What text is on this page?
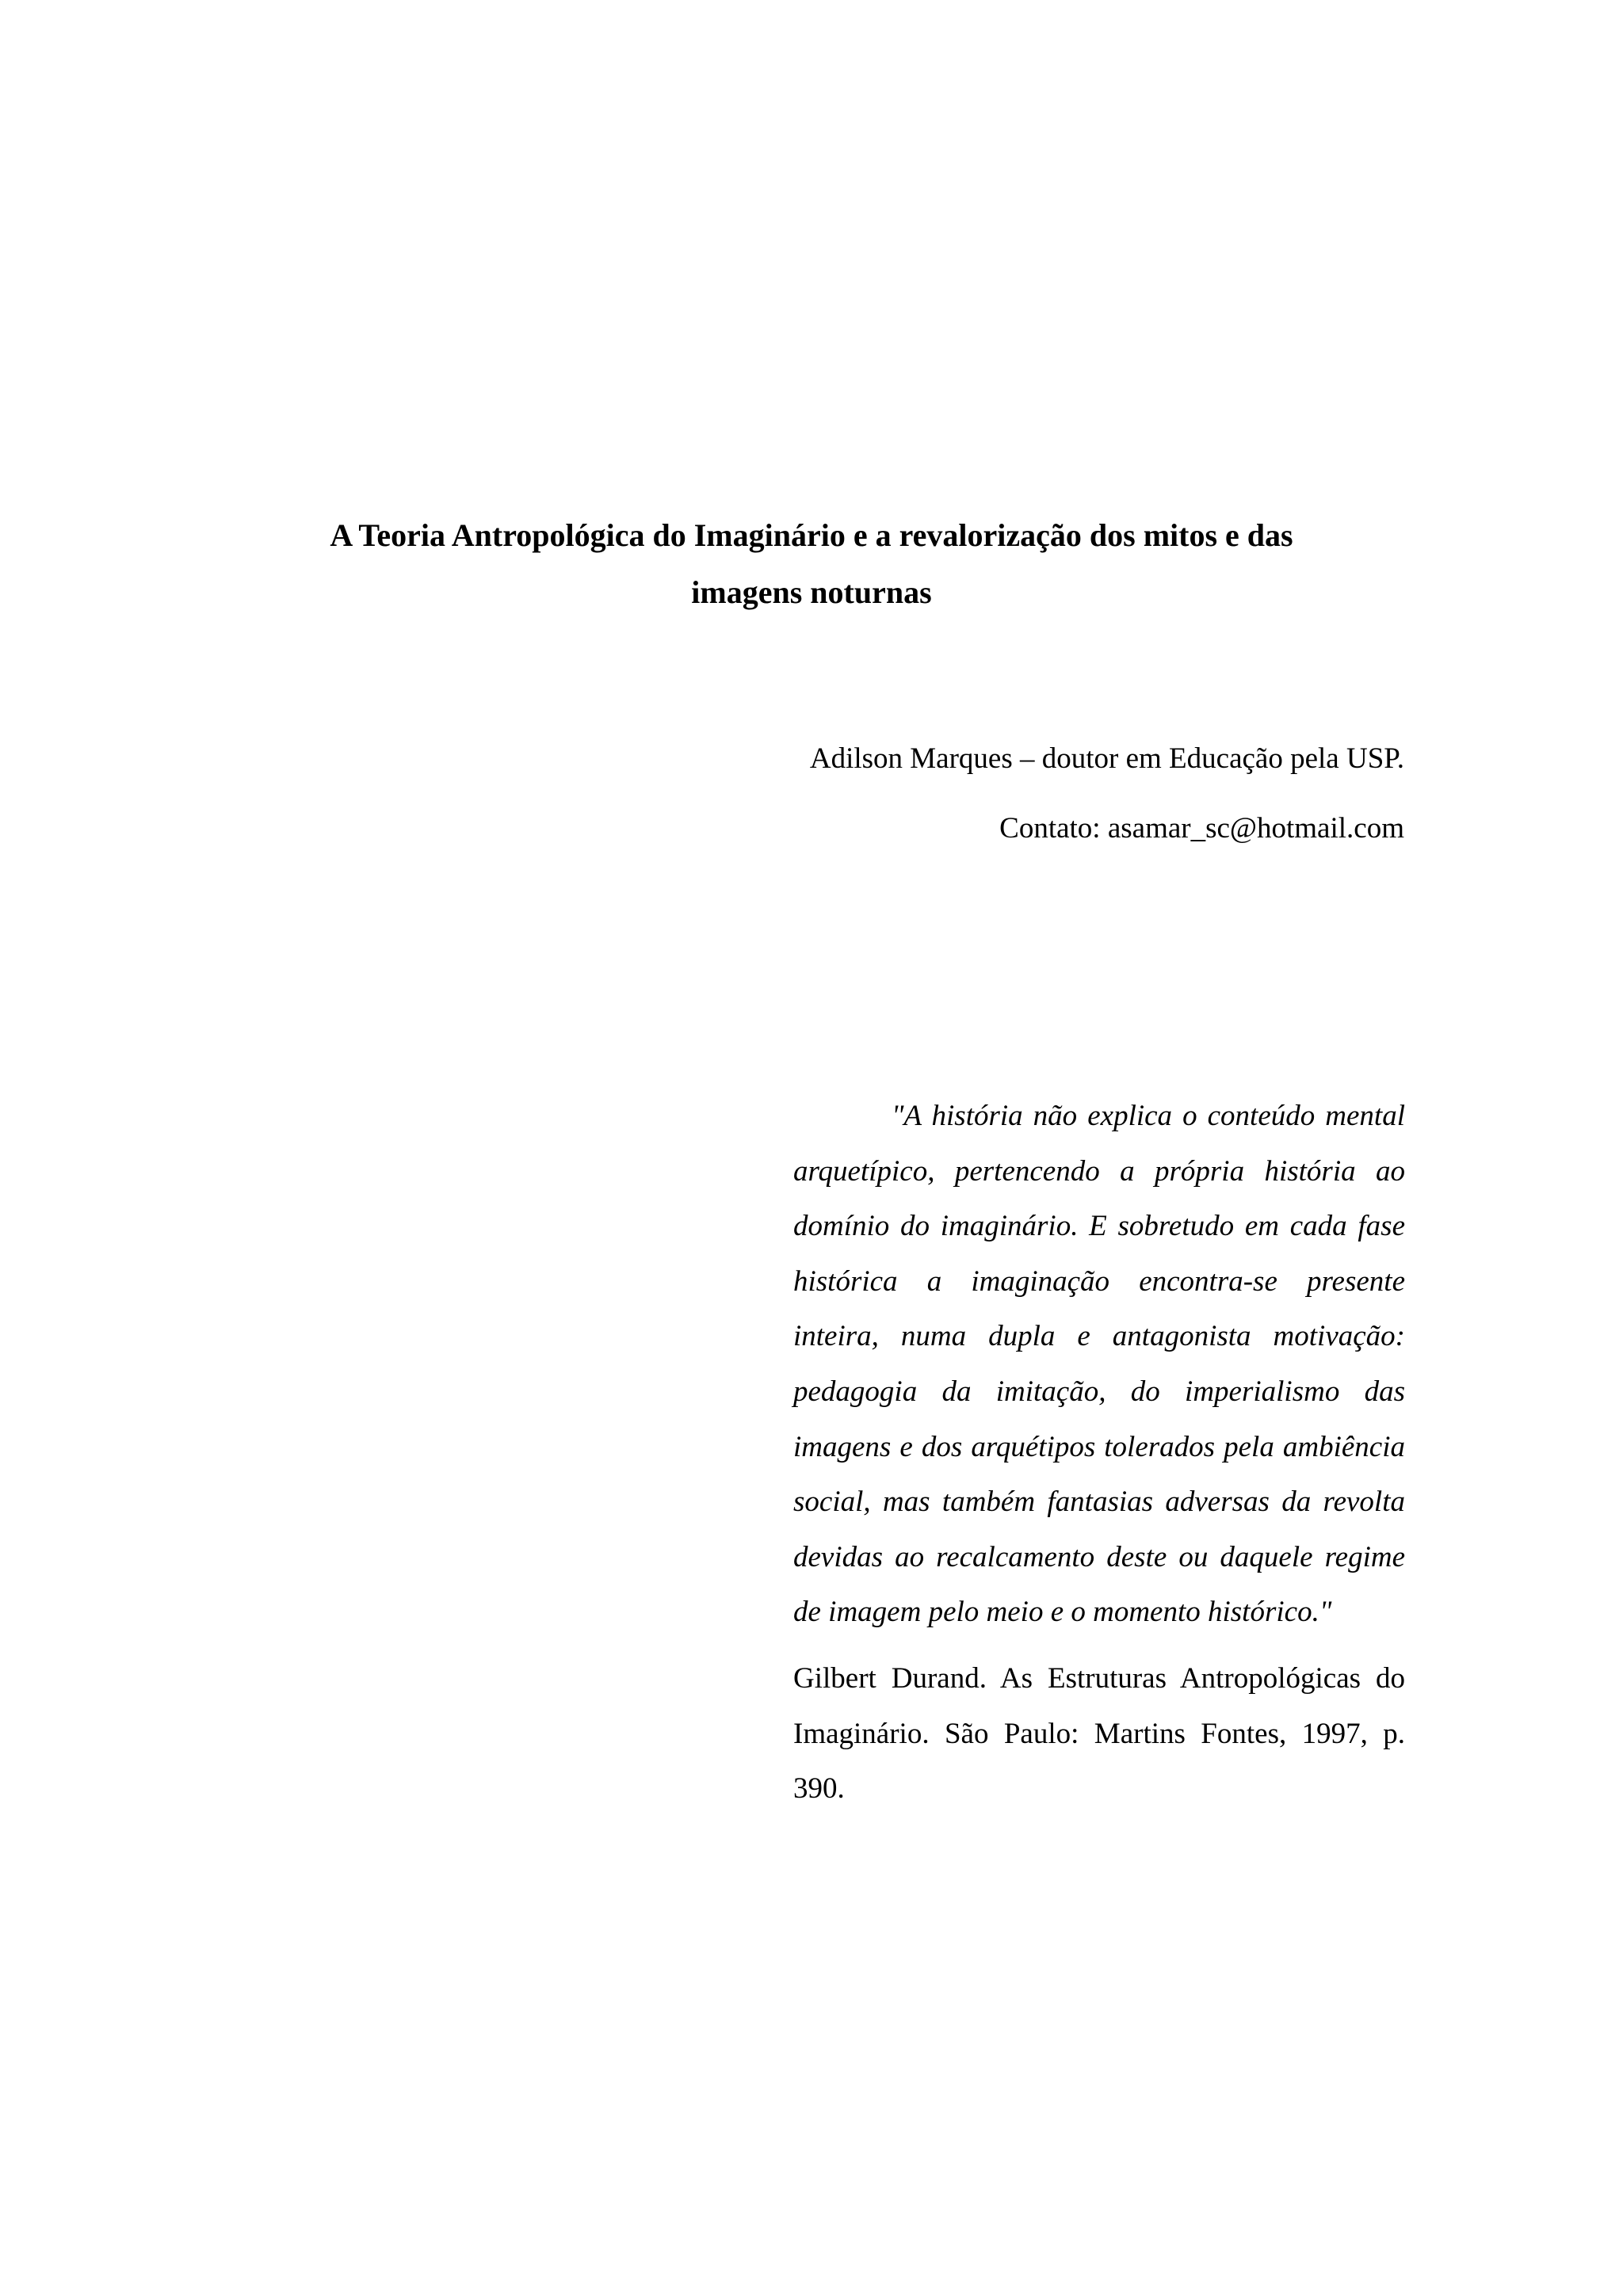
A Teoria Antropológica do Imaginário e a revalorização dos mitos e das
imagens noturnas

Adilson Marques – doutor em Educação pela USP.

Contato: asamar_sc@hotmail.com

"A história não explica o conteúdo mental arquetípico, pertencendo a própria história ao domínio do imaginário. E sobretudo em cada fase histórica a imaginação encontra-se presente inteira, numa dupla e antagonista motivação: pedagogia da imitação, do imperialismo das imagens e dos arquétipos tolerados pela ambiência social, mas também fantasias adversas da revolta devidas ao recalcamento deste ou daquele regime de imagem pelo meio e o momento histórico."

Gilbert Durand. As Estruturas Antropológicas do Imaginário. São Paulo: Martins Fontes, 1997, p. 390.
